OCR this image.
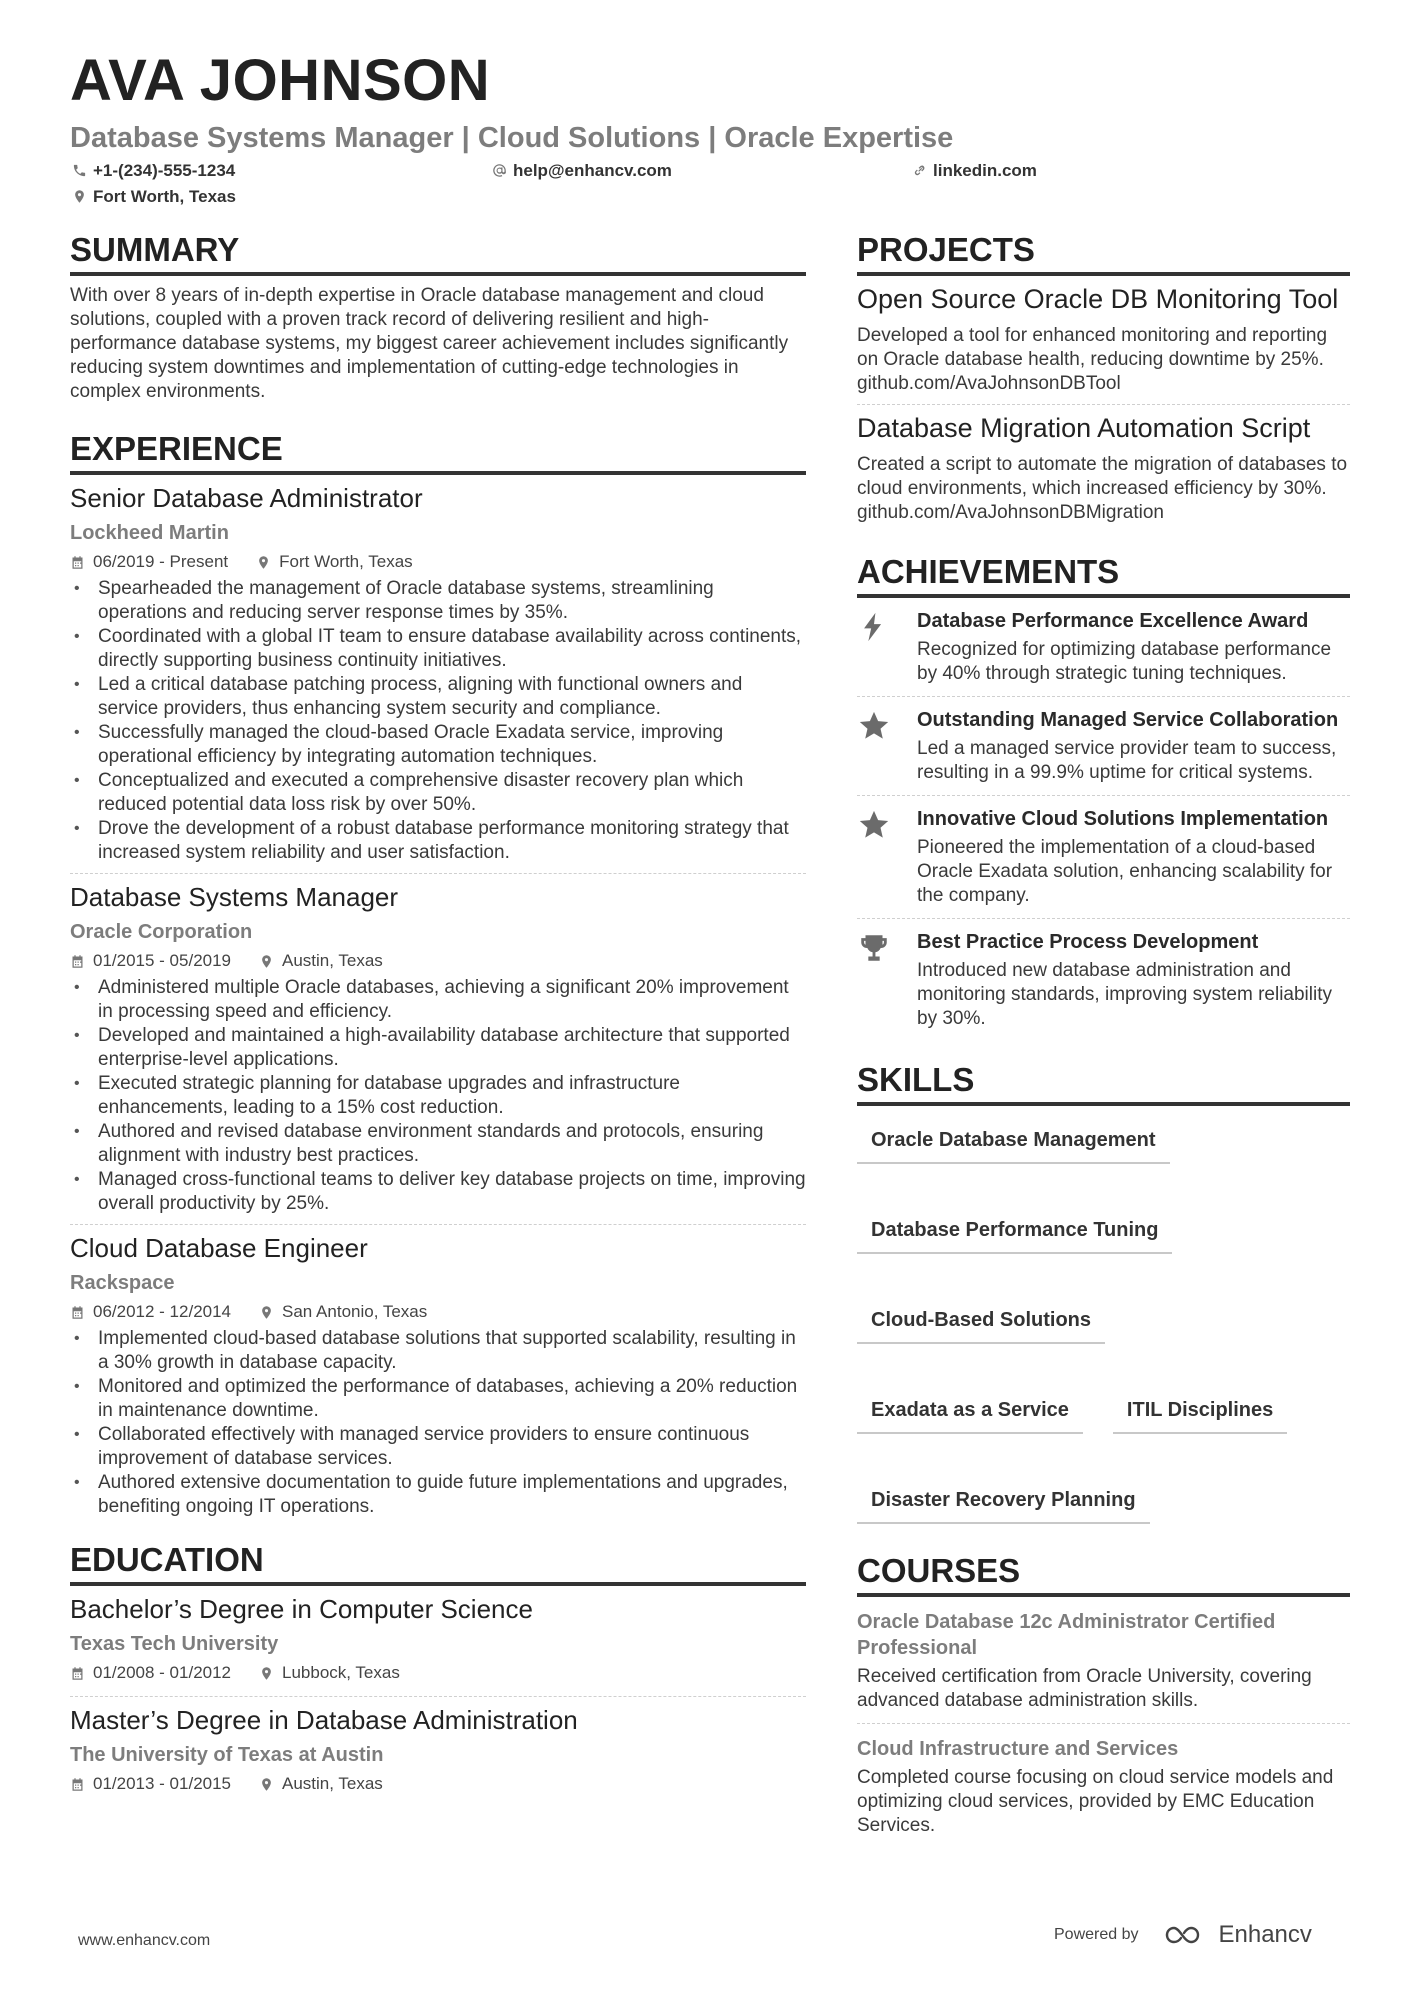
AVA JOHNSON
Database Systems Manager | Cloud Solutions | Oracle Expertise
+1-(234)-555-1234	help@enhancv.com	linkedin.com
Fort Worth, Texas
SUMMARY

With over 8 years of in-depth expertise in Oracle database management and cloud solutions, coupled with a proven track record of delivering resilient and high-performance database systems, my biggest career achievement includes significantly reducing system downtimes and implementation of cutting-edge technologies in complex environments.

EXPERIENCE
Senior Database Administrator
Lockheed Martin
06/2019 - Present	Fort Worth, Texas
• Spearheaded the management of Oracle database systems, streamlining operations and reducing server response times by 35%.
• Coordinated with a global IT team to ensure database availability across continents, directly supporting business continuity initiatives.
• Led a critical database patching process, aligning with functional owners and service providers, thus enhancing system security and compliance.
• Successfully managed the cloud-based Oracle Exadata service, improving operational efficiency by integrating automation techniques.
• Conceptualized and executed a comprehensive disaster recovery plan which reduced potential data loss risk by over 50%.
• Drove the development of a robust database performance monitoring strategy that increased system reliability and user satisfaction.
Database Systems Manager
Oracle Corporation
01/2015 - 05/2019	Austin, Texas
• Administered multiple Oracle databases, achieving a significant 20% improvement in processing speed and efficiency.
• Developed and maintained a high-availability database architecture that supported enterprise-level applications.
• Executed strategic planning for database upgrades and infrastructure enhancements, leading to a 15% cost reduction.
• Authored and revised database environment standards and protocols, ensuring alignment with industry best practices.
• Managed cross-functional teams to deliver key database projects on time, improving overall productivity by 25%.
Cloud Database Engineer
Rackspace
06/2012 - 12/2014	San Antonio, Texas
• Implemented cloud-based database solutions that supported scalability, resulting in a 30% growth in database capacity.
• Monitored and optimized the performance of databases, achieving a 20% reduction in maintenance downtime.
• Collaborated effectively with managed service providers to ensure continuous improvement of database services.
• Authored extensive documentation to guide future implementations and upgrades, benefiting ongoing IT operations.
EDUCATION
Bachelor’s Degree in Computer Science
Texas Tech University
01/2008 - 01/2012	Lubbock, Texas
Master’s Degree in Database Administration
The University of Texas at Austin
01/2013 - 01/2015	Austin, Texas
PROJECTS
Open Source Oracle DB Monitoring Tool

Developed a tool for enhanced monitoring and reporting on Oracle database health, reducing downtime by 25%. github.com/AvaJohnsonDBTool

Database Migration Automation Script

Created a script to automate the migration of databases to cloud environments, which increased efficiency by 30%. github.com/AvaJohnsonDBMigration

ACHIEVEMENTS
Database Performance Excellence Award

Recognized for optimizing database performance by 40% through strategic tuning techniques.

Outstanding Managed Service Collaboration

Led a managed service provider team to success, resulting in a 99.9% uptime for critical systems.

Innovative Cloud Solutions Implementation

Pioneered the implementation of a cloud-based Oracle Exadata solution, enhancing scalability for the company.

Best Practice Process Development

Introduced new database administration and monitoring standards, improving system reliability by 30%.

SKILLS
Oracle Database Management
Database Performance Tuning
Cloud-Based Solutions
Exadata as a Service	ITIL Disciplines
Disaster Recovery Planning
COURSES
Oracle Database 12c Administrator Certified Professional

Received certification from Oracle University, covering advanced database administration skills.

Cloud Infrastructure and Services

Completed course focusing on cloud service models and optimizing cloud services, provided by EMC Education Services.

www.enhancv.com	Powered by	Enhancv
